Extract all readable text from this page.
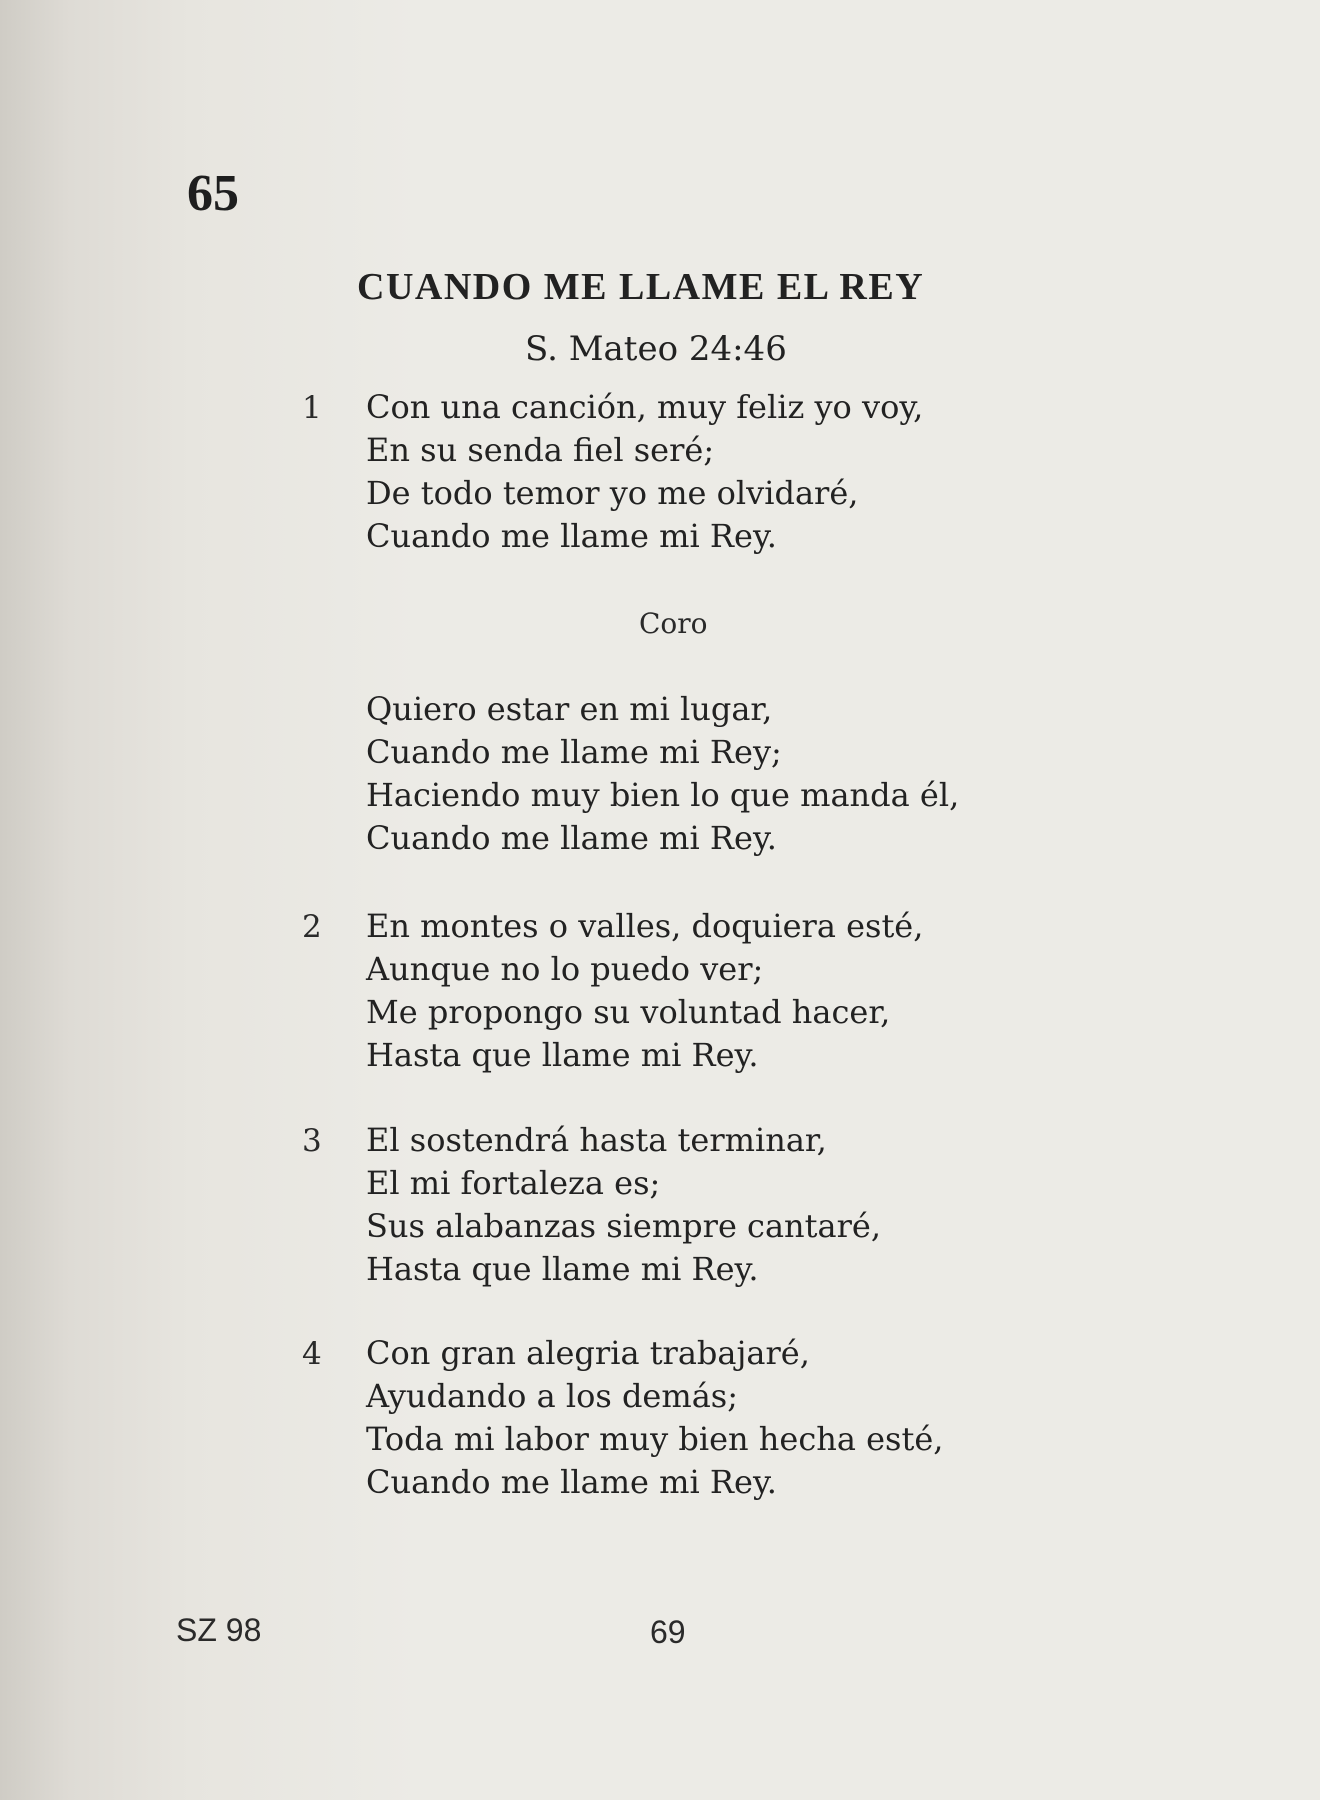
65
CUANDO ME LLAME EL REY
S. Mateo 24:46
1 Con una canción, muy feliz yo voy,
En su senda fiel seré;
De todo temor yo me olvidaré,
Cuando me llame mi Rey.
Coro
Quiero estar en mi lugar,
Cuando me llame mi Rey;
Haciendo muy bien lo que manda él,
Cuando me llame mi Rey.
2 En montes o valles, doquiera esté,
Aunque no lo puedo ver;
Me propongo su voluntad hacer,
Hasta que llame mi Rey.
3 El sostendrá hasta terminar,
El mi fortaleza es;
Sus alabanzas siempre cantaré,
Hasta que llame mi Rey.
4 Con gran alegria trabajaré,
Ayudando a los demás;
Toda mi labor muy bien hecha esté,
Cuando me llame mi Rey.
SZ 98	69
